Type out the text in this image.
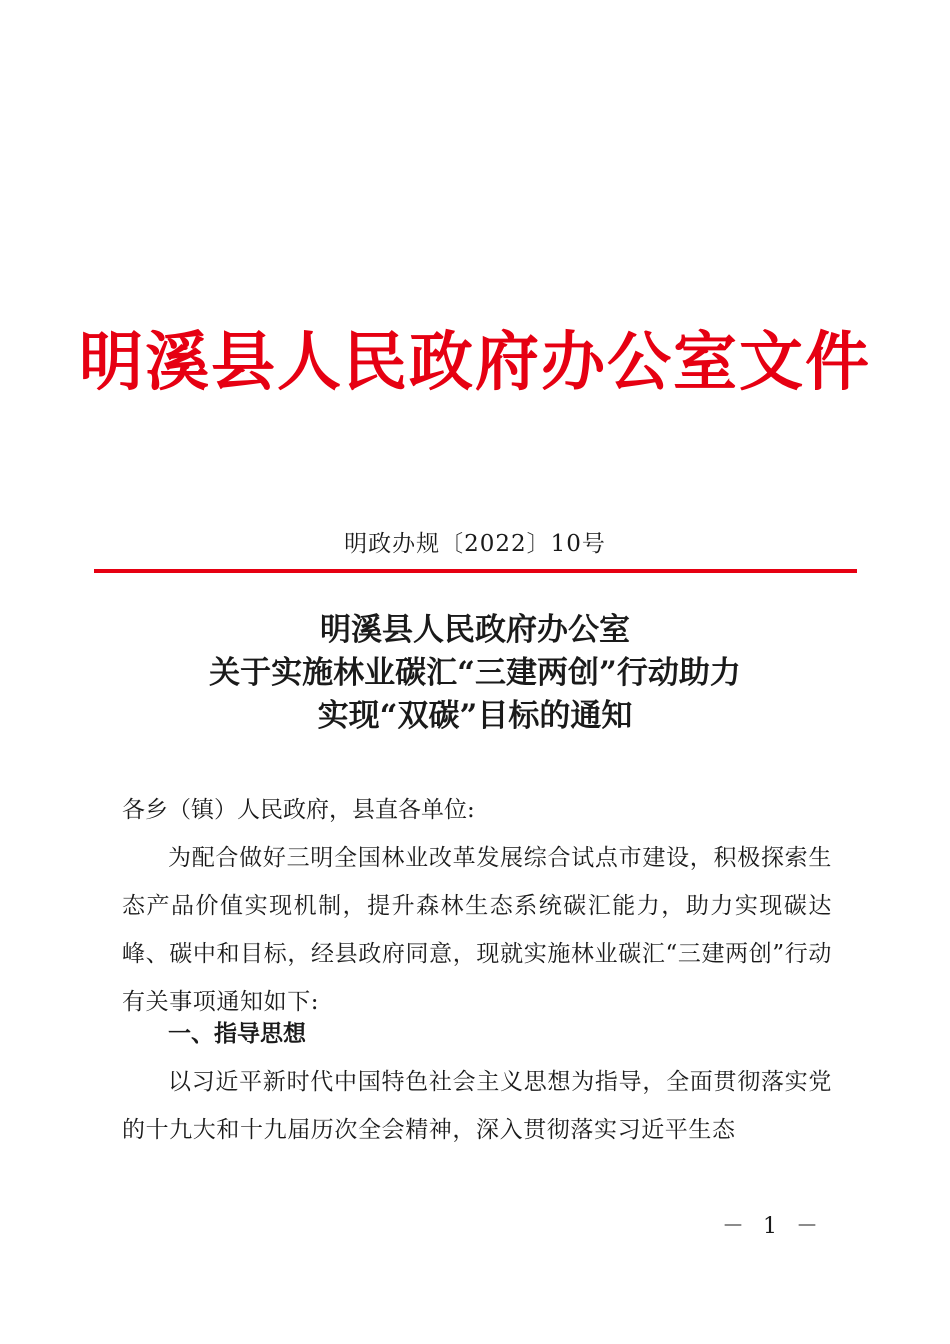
明溪县人民政府办公室文件
明政办规〔2022〕10号
明溪县人民政府办公室
关于实施林业碳汇“三建两创”行动助力
实现“双碳”目标的通知
各乡（镇）人民政府，县直各单位:
为配合做好三明全国林业改革发展综合试点市建设，积极探索生态产品价值实现机制，提升森林生态系统碳汇能力，助力实现碳达峰、碳中和目标，经县政府同意，现就实施林业碳汇“三建两创”行动有关事项通知如下:
一、指导思想
以习近平新时代中国特色社会主义思想为指导，全面贯彻落实党的十九大和十九届历次全会精神，深入贯彻落实习近平生态
－ 1 －
